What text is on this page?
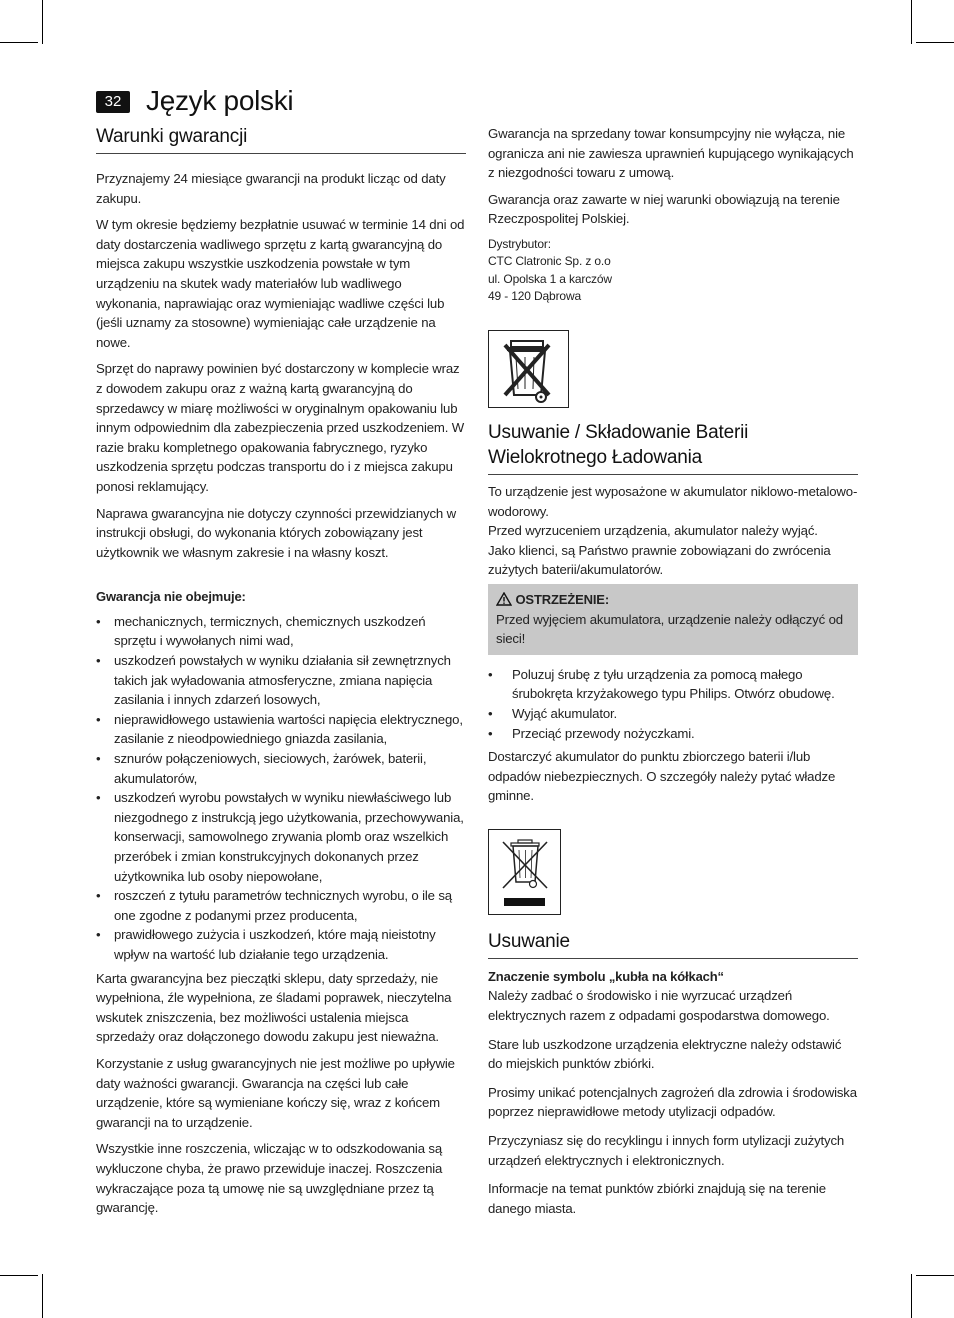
32 Język polski
Warunki gwarancji

Przyznajemy 24 miesiące gwarancji na produkt licząc od daty zakupu.

W tym okresie będziemy bezpłatnie usuwać w terminie 14 dni od daty dostarczenia wadliwego sprzętu z kartą gwarancyjną do miejsca zakupu wszystkie uszkodzenia powstałe w tym urządzeniu na skutek wady materiałów lub wadliwego wykonania, naprawiając oraz wymieniając wadliwe części lub (jeśli uznamy za stosowne) wymieniając całe urządzenie na nowe.

Sprzęt do naprawy powinien być dostarczony w komplecie wraz z dowodem zakupu oraz z ważną kartą gwarancyjną do sprzedawcy w miarę możliwości w oryginalnym opakowaniu lub innym odpowiednim dla zabezpieczenia przed uszkodzeniem. W razie braku kompletnego opakowania fabrycznego, ryzyko uszkodzenia sprzętu podczas transportu do i z miejsca zakupu ponosi reklamujący.

Naprawa gwarancyjna nie dotyczy czynności przewidzianych w instrukcji obsługi, do wykonania których zobowiązany jest użytkownik we własnym zakresie i na własny koszt.

Gwarancja nie obejmuje:

• mechanicznych, termicznych, chemicznych uszkodzeń sprzętu i wywołanych nimi wad,
• uszkodzeń powstałych w wyniku działania sił zewnętrznych takich jak wyładowania atmosferyczne, zmiana napięcia zasilania i innych zdarzeń losowych,
• nieprawidłowego ustawienia wartości napięcia elektrycznego, zasilanie z nieodpowiedniego gniazda zasilania,
• sznurów połączeniowych, sieciowych, żarówek, baterii, akumulatorów,
• uszkodzeń wyrobu powstałych w wyniku niewłaściwego lub niezgodnego z instrukcją jego użytkowania, przechowywania, konserwacji, samowolnego zrywania plomb oraz wszelkich przeróbek i zmian konstrukcyjnych dokonanych przez użytkownika lub osoby niepowołane,
• roszczeń z tytułu parametrów technicznych wyrobu, o ile są one zgodne z podanymi przez producenta,
• prawidłowego zużycia i uszkodzeń, które mają nieistotny wpływ na wartość lub działanie tego urządzenia.

Karta gwarancyjna bez pieczątki sklepu, daty sprzedaży, nie wypełniona, źle wypełniona, ze śladami poprawek, nieczytelna wskutek zniszczenia, bez możliwości ustalenia miejsca sprzedaży oraz dołączonego dowodu zakupu jest nieważna.

Korzystanie z usług gwarancyjnych nie jest możliwe po upływie daty ważności gwarancji. Gwarancja na części lub całe urządzenie, które są wymieniane kończy się, wraz z końcem gwarancji na to urządzenie.

Wszystkie inne roszczenia, wliczając w to odszkodowania są wykluczone chyba, że prawo przewiduje inaczej. Roszczenia wykraczające poza tą umowę nie są uwzględniane przez tą gwarancję.

Gwarancja na sprzedany towar konsumpcyjny nie wyłącza, nie ogranicza ani nie zawiesza uprawnień kupującego wynikających z niezgodności towaru z umową.

Gwarancja oraz zawarte w niej warunki obowiązują na terenie Rzeczpospolitej Polskiej.

Dystrybutor:
CTC Clatronic Sp. z o.o
ul. Opolska 1 a karczów
49 - 120 Dąbrowa
Usuwanie / Składowanie Baterii Wielokrotnego Ładowania
To urządzenie jest wyposażone w akumulator niklowo-metalowo-wodorowy.
Przed wyrzuceniem urządzenia, akumulator należy wyjąć.
Jako klienci, są Państwo prawnie zobowiązani do zwrócenia zużytych baterii/akumulatorów.
OSTRZEŻENIE:
Przed wyjęciem akumulatora, urządzenie należy odłączyć od sieci!
• Poluzuj śrubę z tyłu urządzenia za pomocą małego śrubokręta krzyżakowego typu Philips. Otwórz obudowę.
• Wyjąć akumulator.
• Przeciąć przewody nożyczkami.

Dostarczyć akumulator do punktu zbiorczego baterii i/lub odpadów niebezpiecznych. O szczegóły należy pytać władze gminne.

Usuwanie

Znaczenie symbolu „kubła na kółkach“

Należy zadbać o środowisko i nie wyrzucać urządzeń elektrycznych razem z odpadami gospodarstwa domowego.

Stare lub uszkodzone urządzenia elektryczne należy odstawić do miejskich punktów zbiórki.

Prosimy unikać potencjalnych zagrożeń dla zdrowia i środowiska poprzez nieprawidłowe metody utylizacji odpadów.

Przyczyniasz się do recyklingu i innych form utylizacji zużytych urządzeń elektrycznych i elektronicznych.

Informacje na temat punktów zbiórki znajdują się na terenie danego miasta.
